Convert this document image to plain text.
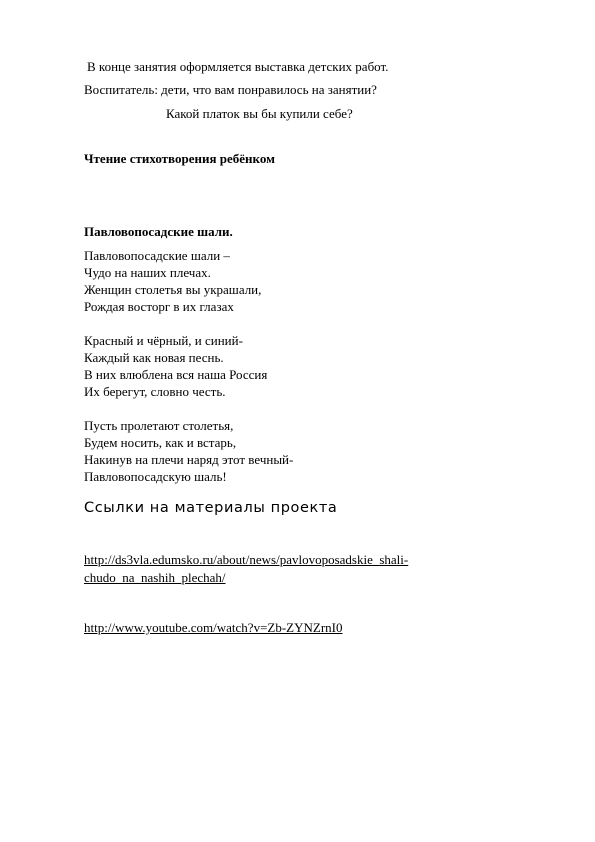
В конце занятия оформляется выставка детских работ.
Воспитатель: дети, что вам понравилось на занятии?
Какой платок вы бы купили себе?
Чтение стихотворения ребёнком
Павловопосадские шали.
Павловопосадские шали –
Чудо на наших плечах.
Женщин столетья вы украшали,
Рождая восторг в их глазах
Красный и чёрный, и синий-
Каждый как новая песнь.
В них влюблена вся наша Россия
Их берегут, словно честь.
Пусть пролетают столетья,
Будем носить, как и встарь,
Накинув на плечи наряд этот вечный-
Павловопосадскую шаль!
Ссылки на материалы проекта
http://ds3vla.edumsko.ru/about/news/pavlovoposadskie_shali-
chudo_na_nashih_plechah/
http://www.youtube.com/watch?v=Zb-ZYNZrnI0
